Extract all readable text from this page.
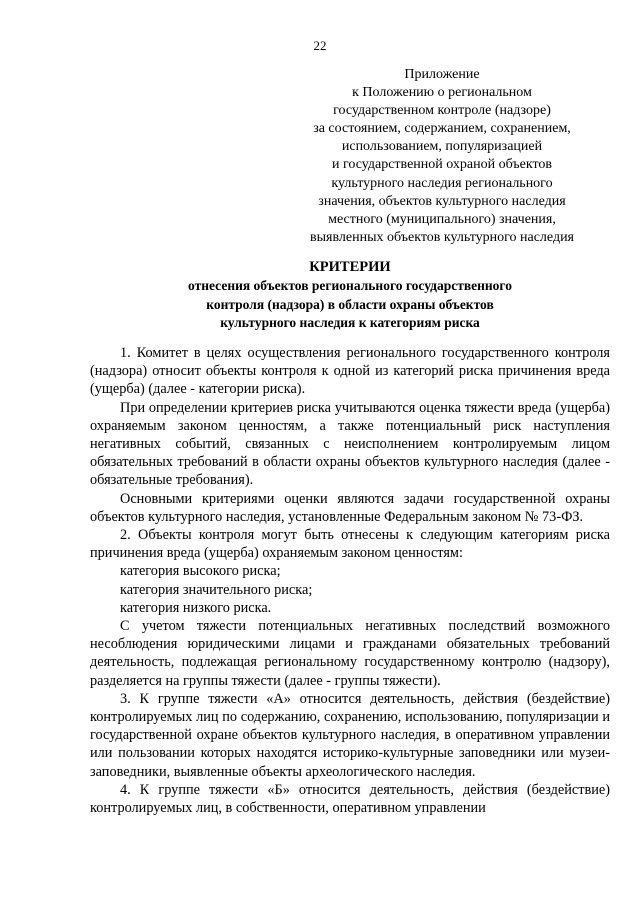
22
Приложение
к Положению о региональном
государственном контроле (надзоре)
за состоянием, содержанием, сохранением,
использованием, популяризацией
и государственной охраной объектов
культурного наследия регионального
значения, объектов культурного наследия
местного (муниципального) значения,
выявленных объектов культурного наследия
КРИТЕРИИ
отнесения объектов регионального государственного
контроля (надзора) в области охраны объектов
культурного наследия к категориям риска

1. Комитет в целях осуществления регионального государственного контроля (надзора) относит объекты контроля к одной из категорий риска причинения вреда (ущерба) (далее - категории риска).

При определении критериев риска учитываются оценка тяжести вреда (ущерба) охраняемым законом ценностям, а также потенциальный риск наступления негативных событий, связанных с неисполнением контролируемым лицом обязательных требований в области охраны объектов культурного наследия (далее - обязательные требования).

Основными критериями оценки являются задачи государственной охраны объектов культурного наследия, установленные Федеральным законом № 73-ФЗ.

2. Объекты контроля могут быть отнесены к следующим категориям риска причинения вреда (ущерба) охраняемым законом ценностям:

категория высокого риска;

категория значительного риска;

категория низкого риска.

С учетом тяжести потенциальных негативных последствий возможного несоблюдения юридическими лицами и гражданами обязательных требований деятельность, подлежащая региональному государственному контролю (надзору), разделяется на группы тяжести (далее - группы тяжести).

3. К группе тяжести «А» относится деятельность, действия (бездействие) контролируемых лиц по содержанию, сохранению, использованию, популяризации и государственной охране объектов культурного наследия, в оперативном управлении или пользовании которых находятся историко-культурные заповедники или музеи-заповедники, выявленные объекты археологического наследия.

4. К группе тяжести «Б» относится деятельность, действия (бездействие) контролируемых лиц, в собственности, оперативном управлении
